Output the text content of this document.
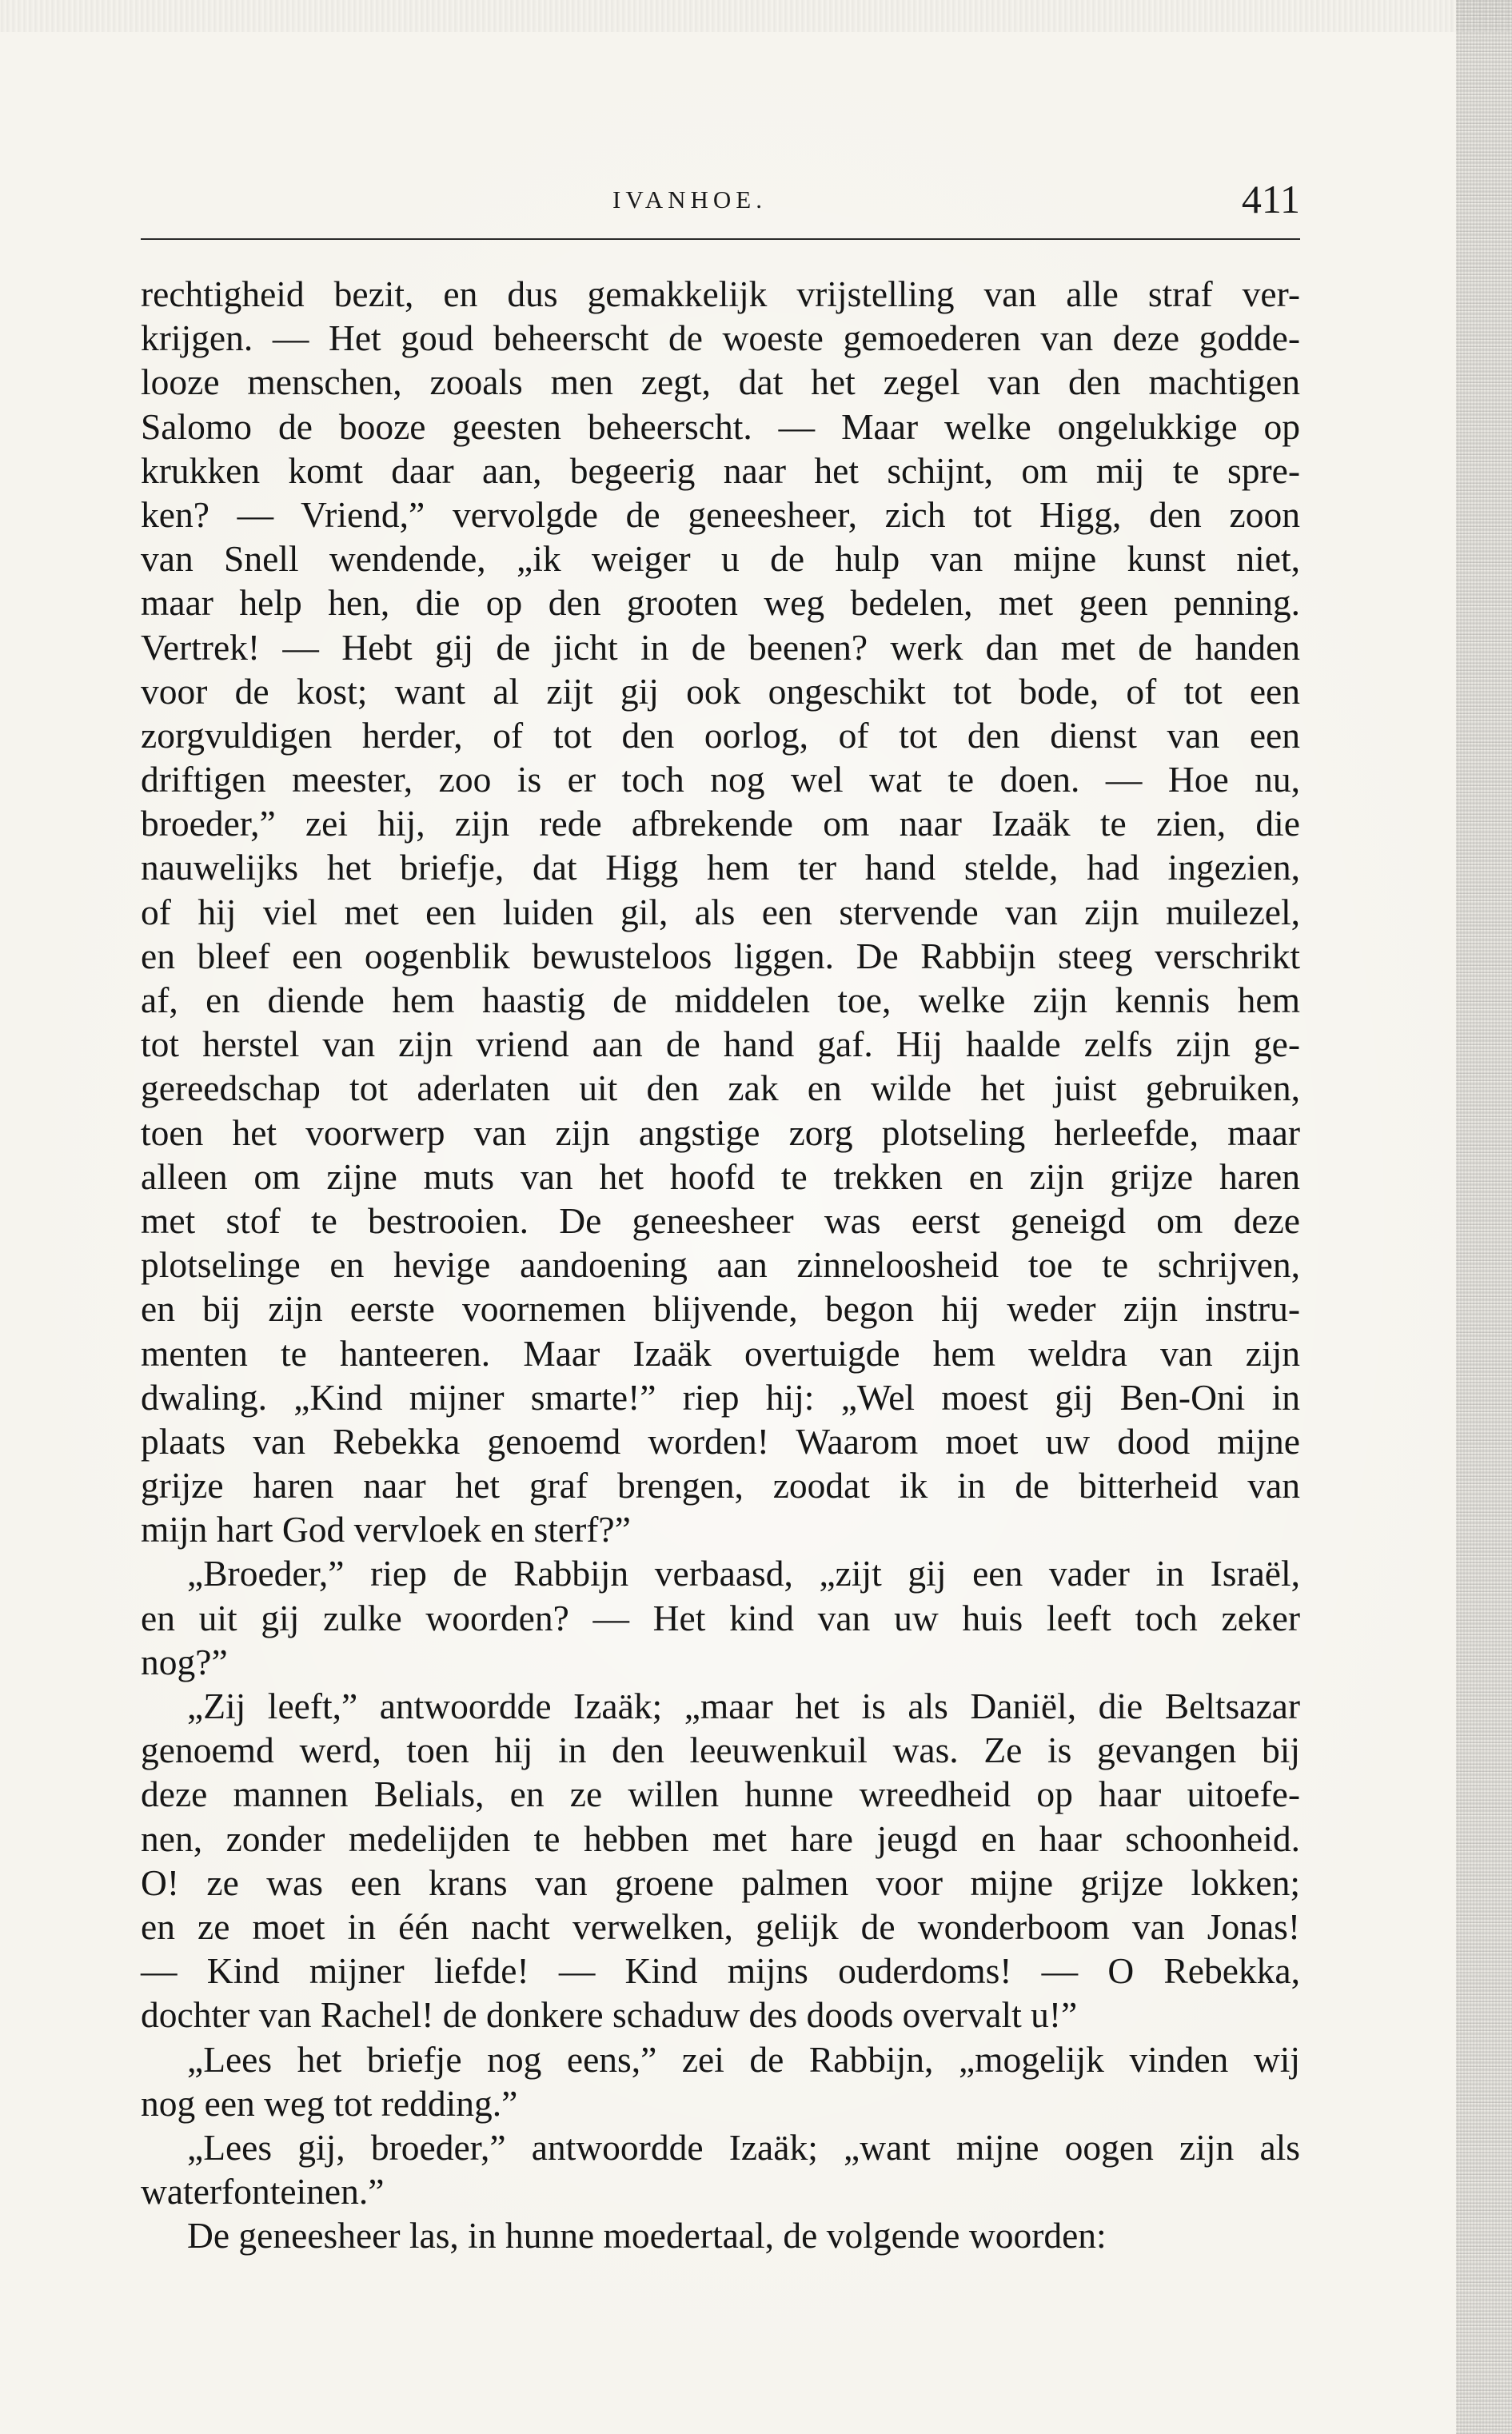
IVANHOE.	411
rechtigheid bezit, en dus gemakkelijk vrijstelling van alle straf ver-
krijgen. — Het goud beheerscht de woeste gemoederen van deze godde-
looze menschen, zooals men zegt, dat het zegel van den machtigen
Salomo de booze geesten beheerscht. — Maar welke ongelukkige op
krukken komt daar aan, begeerig naar het schijnt, om mij te spre-
ken? — Vriend,” vervolgde de geneesheer, zich tot Higg, den zoon
van Snell wendende, „ik weiger u de hulp van mijne kunst niet,
maar help hen, die op den grooten weg bedelen, met geen penning.
Vertrek! — Hebt gij de jicht in de beenen? werk dan met de handen
voor de kost; want al zijt gij ook ongeschikt tot bode, of tot een
zorgvuldigen herder, of tot den oorlog, of tot den dienst van een
driftigen meester, zoo is er toch nog wel wat te doen. — Hoe nu,
broeder,” zei hij, zijn rede afbrekende om naar Izaäk te zien, die
nauwelijks het briefje, dat Higg hem ter hand stelde, had ingezien,
of hij viel met een luiden gil, als een stervende van zijn muilezel,
en bleef een oogenblik bewusteloos liggen. De Rabbijn steeg verschrikt
af, en diende hem haastig de middelen toe, welke zijn kennis hem
tot herstel van zijn vriend aan de hand gaf. Hij haalde zelfs zijn ge-
gereedschap tot aderlaten uit den zak en wilde het juist gebruiken,
toen het voorwerp van zijn angstige zorg plotseling herleefde, maar
alleen om zijne muts van het hoofd te trekken en zijn grijze haren
met stof te bestrooien. De geneesheer was eerst geneigd om deze
plotselinge en hevige aandoening aan zinneloosheid toe te schrijven,
en bij zijn eerste voornemen blijvende, begon hij weder zijn instru-
menten te hanteeren. Maar Izaäk overtuigde hem weldra van zijn
dwaling. „Kind mijner smarte!” riep hij: „Wel moest gij Ben-Oni in
plaats van Rebekka genoemd worden! Waarom moet uw dood mijne
grijze haren naar het graf brengen, zoodat ik in de bitterheid van
mijn hart God vervloek en sterf?”
„Broeder,” riep de Rabbijn verbaasd, „zijt gij een vader in Israël,
en uit gij zulke woorden? — Het kind van uw huis leeft toch zeker
nog?”
„Zij leeft,” antwoordde Izaäk; „maar het is als Daniël, die Beltsazar
genoemd werd, toen hij in den leeuwenkuil was. Ze is gevangen bij
deze mannen Belials, en ze willen hunne wreedheid op haar uitoefe-
nen, zonder medelijden te hebben met hare jeugd en haar schoonheid.
O! ze was een krans van groene palmen voor mijne grijze lokken;
en ze moet in één nacht verwelken, gelijk de wonderboom van Jonas!
— Kind mijner liefde! — Kind mijns ouderdoms! — O Rebekka,
dochter van Rachel! de donkere schaduw des doods overvalt u!”
„Lees het briefje nog eens,” zei de Rabbijn, „mogelijk vinden wij
nog een weg tot redding.”
„Lees gij, broeder,” antwoordde Izaäk; „want mijne oogen zijn als
waterfonteinen.”
De geneesheer las, in hunne moedertaal, de volgende woorden:
